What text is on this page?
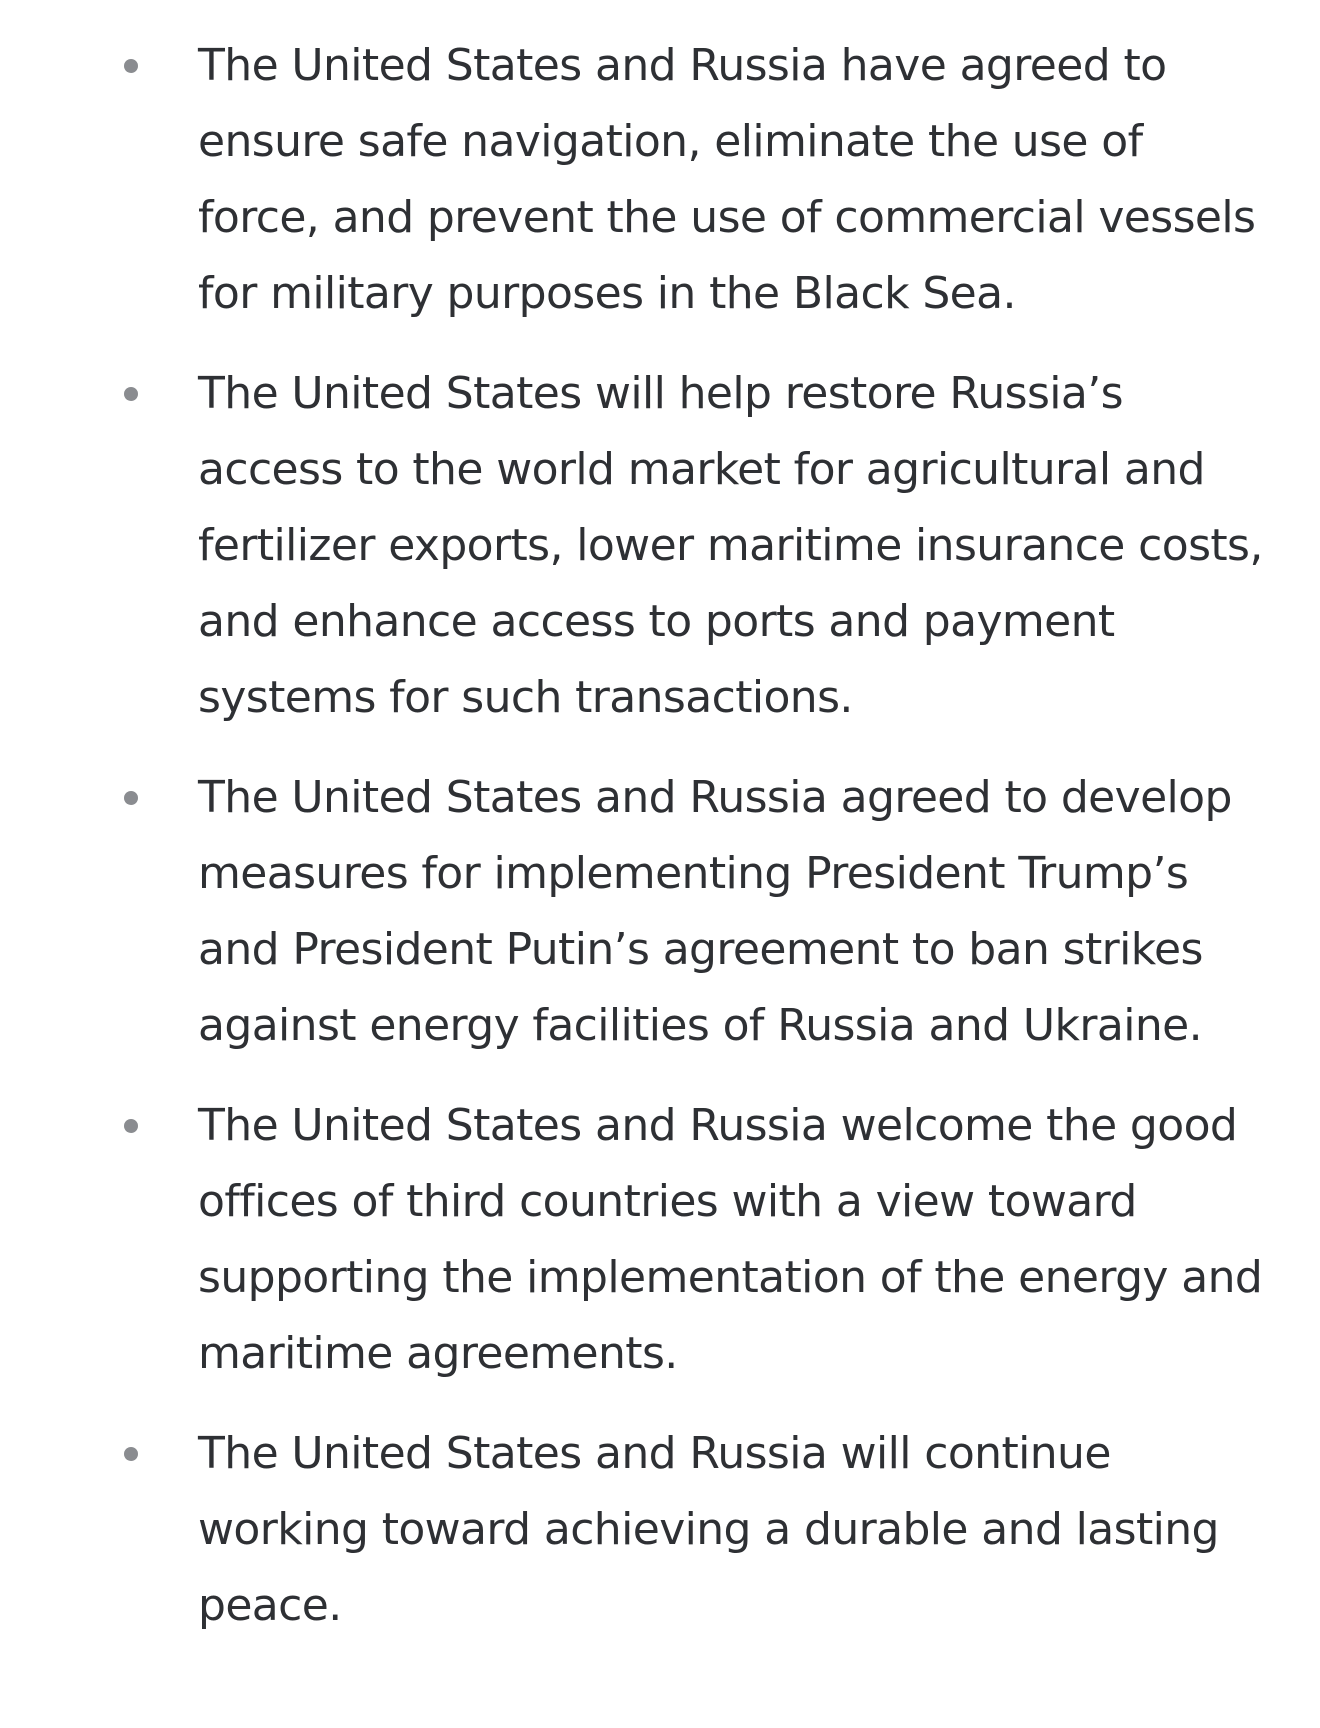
The United States and Russia have agreed to ensure safe navigation, eliminate the use of force, and prevent the use of commercial vessels for military purposes in the Black Sea.
The United States will help restore Russia’s access to the world market for agricultural and fertilizer exports, lower maritime insurance costs, and enhance access to ports and payment systems for such transactions.
The United States and Russia agreed to develop measures for implementing President Trump’s and President Putin’s agreement to ban strikes against energy facilities of Russia and Ukraine.
The United States and Russia welcome the good offices of third countries with a view toward supporting the implementation of the energy and maritime agreements.
The United States and Russia will continue working toward achieving a durable and lasting peace.
